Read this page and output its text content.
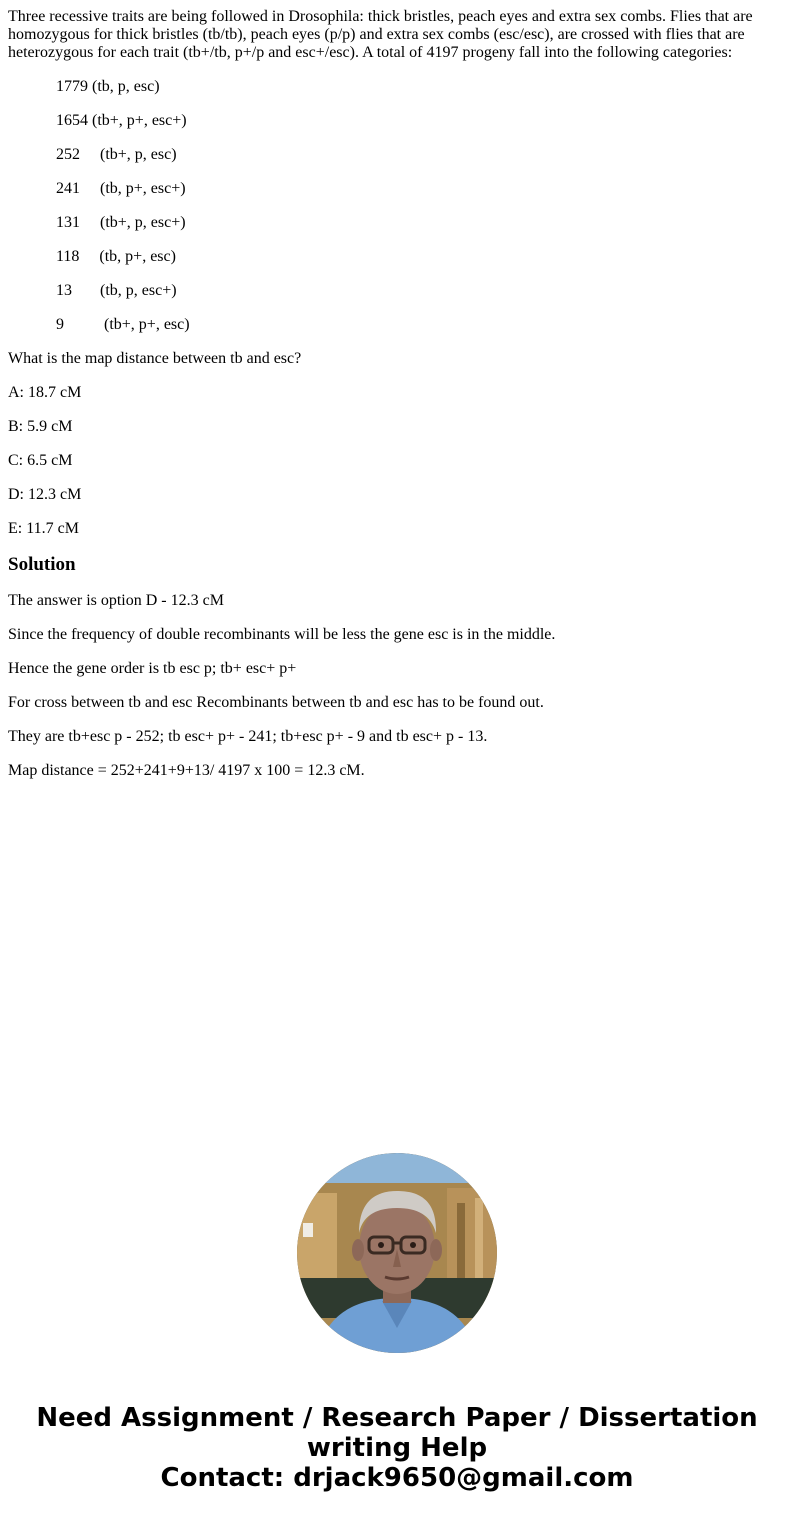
Three recessive traits are being followed in Drosophila: thick bristles, peach eyes and extra sex combs. Flies that are homozygous for thick bristles (tb/tb), peach eyes (p/p) and extra sex combs (esc/esc), are crossed with flies that are heterozygous for each trait (tb+/tb, p+/p and esc+/esc). A total of 4197 progeny fall into the following categories:

1779 (tb, p, esc)

1654 (tb+, p+, esc+)

252     (tb+, p, esc)

241     (tb, p+, esc+)

131     (tb+, p, esc+)

118     (tb, p+, esc)

13       (tb, p, esc+)

9          (tb+, p+, esc)

What is the map distance between tb and esc?

A: 18.7 cM

B: 5.9 cM

C: 6.5 cM

D: 12.3 cM

E: 11.7 cM

Solution

The answer is option D - 12.3 cM

Since the frequency of double recombinants will be less the gene esc is in the middle.

Hence the gene order is tb esc p; tb+ esc+ p+

For cross between tb and esc Recombinants between tb and esc has to be found out.

They are tb+esc p - 252; tb esc+ p+ - 241; tb+esc p+ - 9 and tb esc+ p - 13.

Map distance = 252+241+9+13/ 4197 x 100 = 12.3 cM.

Need Assignment / Research Paper / Dissertation
writing Help
Contact: drjack9650@gmail.com
